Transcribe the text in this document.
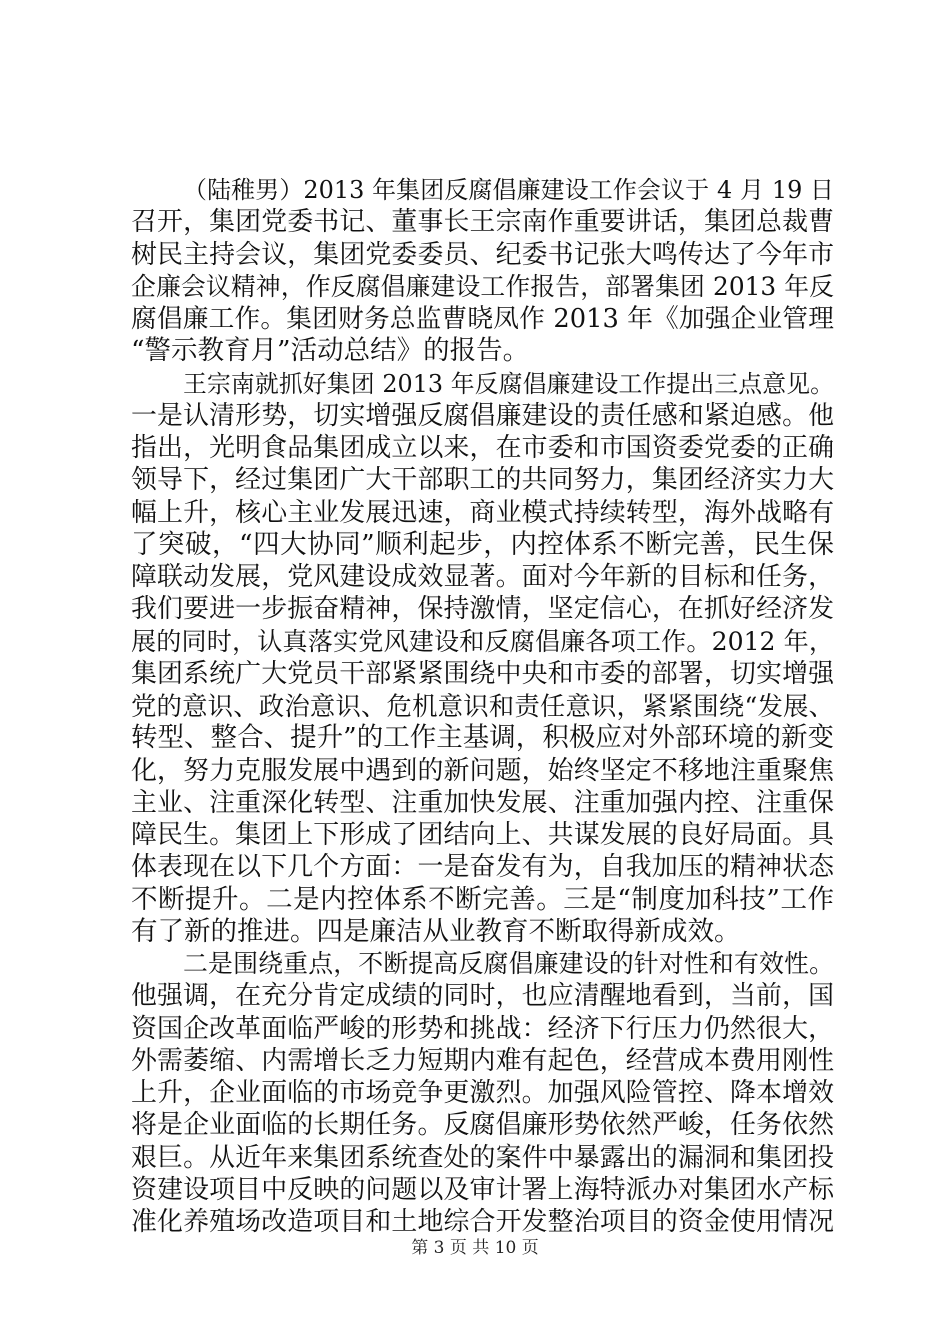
（陆稚男）2013 年集团反腐倡廉建设工作会议于 4 月 19 日
召开，集团党委书记、董事长王宗南作重要讲话，集团总裁曹
树民主持会议，集团党委委员、纪委书记张大鸣传达了今年市
企廉会议精神，作反腐倡廉建设工作报告，部署集团 2013 年反
腐倡廉工作。集团财务总监曹晓凤作 2013 年《加强企业管理
“警示教育月”活动总结》的报告。
王宗南就抓好集团 2013 年反腐倡廉建设工作提出三点意见。
一是认清形势，切实增强反腐倡廉建设的责任感和紧迫感。他
指出，光明食品集团成立以来，在市委和市国资委党委的正确
领导下，经过集团广大干部职工的共同努力，集团经济实力大
幅上升，核心主业发展迅速，商业模式持续转型，海外战略有
了突破，“四大协同”顺利起步，内控体系不断完善，民生保
障联动发展，党风建设成效显著。面对今年新的目标和任务，
我们要进一步振奋精神，保持激情，坚定信心，在抓好经济发
展的同时，认真落实党风建设和反腐倡廉各项工作。2012 年，
集团系统广大党员干部紧紧围绕中央和市委的部署，切实增强
党的意识、政治意识、危机意识和责任意识，紧紧围绕“发展、
转型、整合、提升”的工作主基调，积极应对外部环境的新变
化，努力克服发展中遇到的新问题，始终坚定不移地注重聚焦
主业、注重深化转型、注重加快发展、注重加强内控、注重保
障民生。集团上下形成了团结向上、共谋发展的良好局面。具
体表现在以下几个方面：一是奋发有为，自我加压的精神状态
不断提升。二是内控体系不断完善。三是“制度加科技”工作
有了新的推进。四是廉洁从业教育不断取得新成效。
二是围绕重点，不断提高反腐倡廉建设的针对性和有效性。
他强调，在充分肯定成绩的同时，也应清醒地看到，当前，国
资国企改革面临严峻的形势和挑战：经济下行压力仍然很大，
外需萎缩、内需增长乏力短期内难有起色，经营成本费用刚性
上升，企业面临的市场竞争更激烈。加强风险管控、降本增效
将是企业面临的长期任务。反腐倡廉形势依然严峻，任务依然
艰巨。从近年来集团系统查处的案件中暴露出的漏洞和集团投
资建设项目中反映的问题以及审计署上海特派办对集团水产标
准化养殖场改造项目和土地综合开发整治项目的资金使用情况
第 3 页 共 10 页
